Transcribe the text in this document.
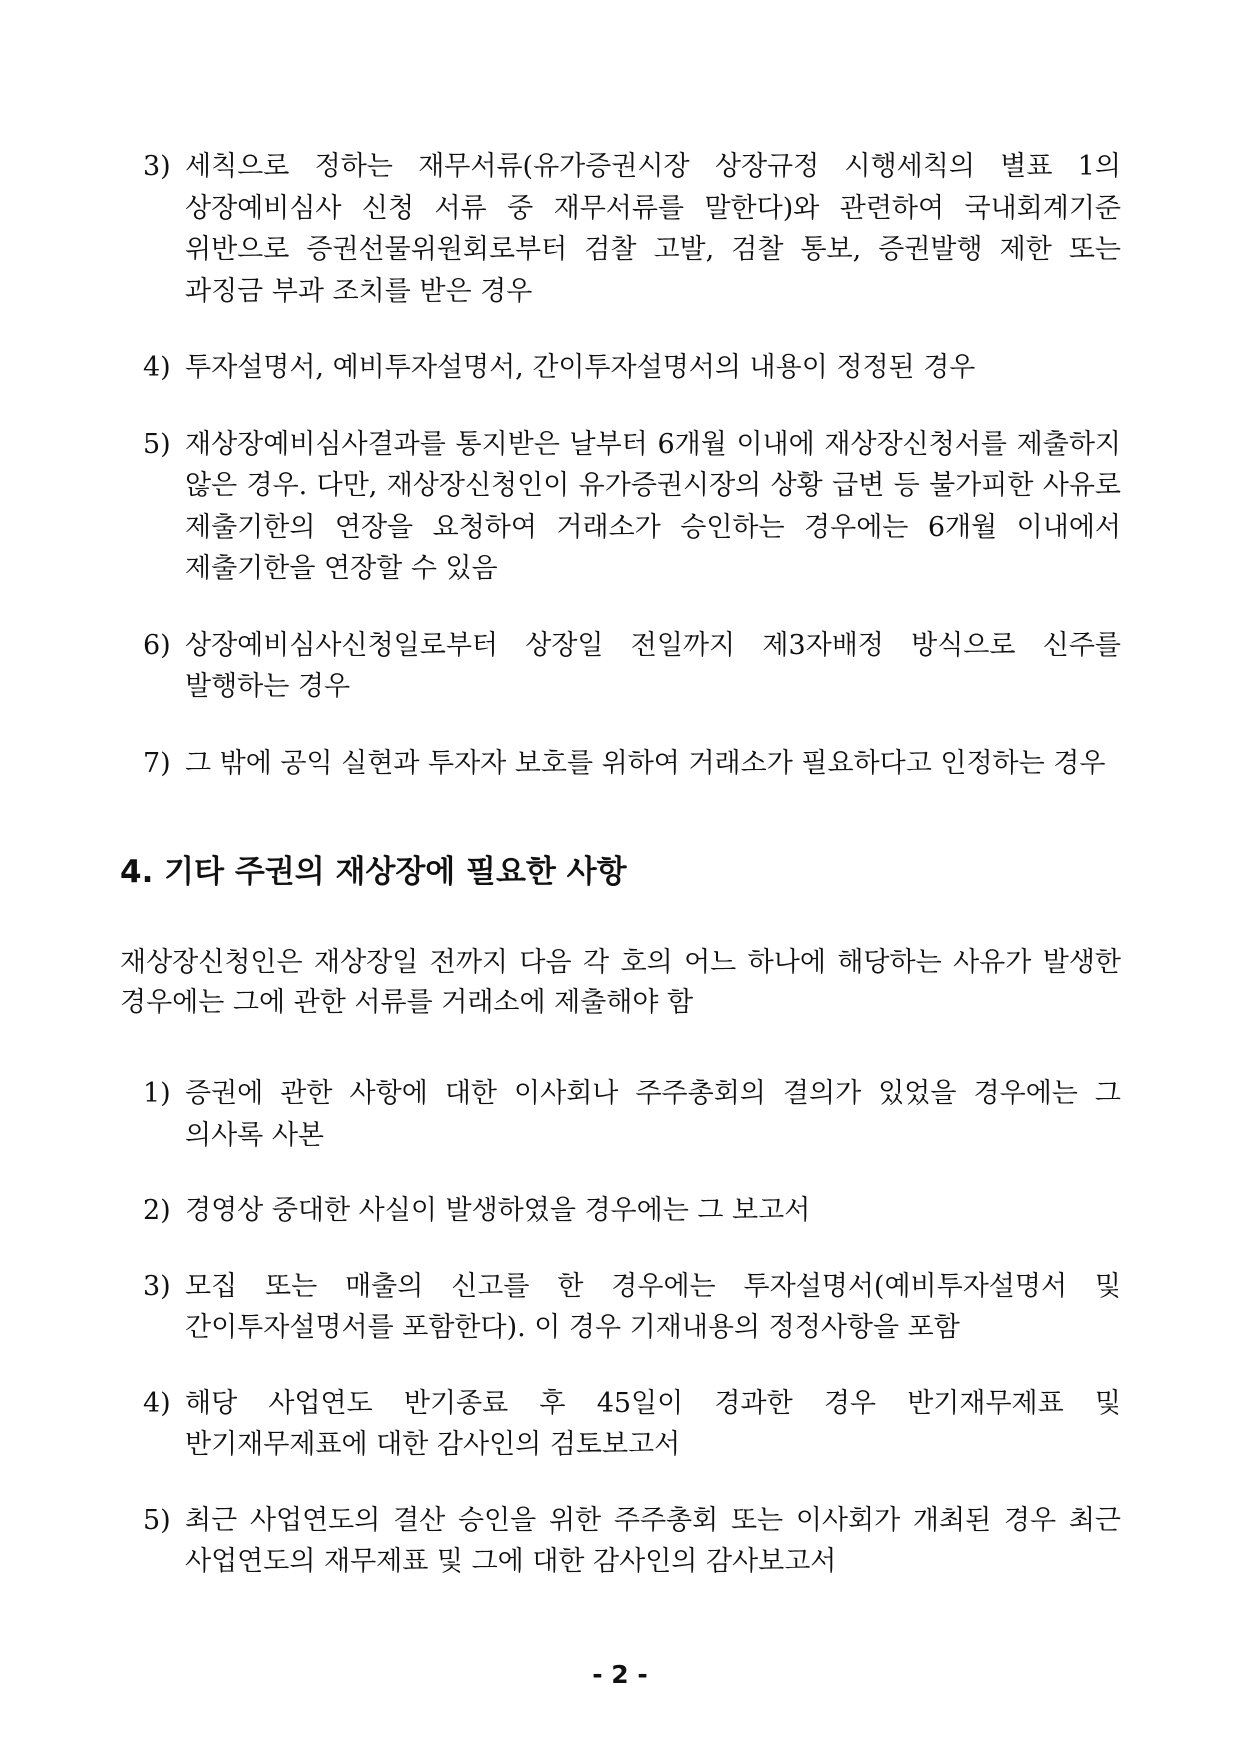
3) 세칙으로 정하는 재무서류(유가증권시장 상장규정 시행세칙의 별표 1의 상장예비심사 신청 서류 중 재무서류를 말한다)와 관련하여 국내회계기준 위반으로 증권선물위원회로부터 검찰 고발, 검찰 통보, 증권발행 제한 또는 과징금 부과 조치를 받은 경우
4) 투자설명서, 예비투자설명서, 간이투자설명서의 내용이 정정된 경우
5) 재상장예비심사결과를 통지받은 날부터 6개월 이내에 재상장신청서를 제출하지 않은 경우. 다만, 재상장신청인이 유가증권시장의 상황 급변 등 불가피한 사유로 제출기한의 연장을 요청하여 거래소가 승인하는 경우에는 6개월 이내에서 제출기한을 연장할 수 있음
6) 상장예비심사신청일로부터 상장일 전일까지 제3자배정 방식으로 신주를 발행하는 경우
7) 그 밖에 공익 실현과 투자자 보호를 위하여 거래소가 필요하다고 인정하는 경우
4. 기타 주권의 재상장에 필요한 사항

재상장신청인은 재상장일 전까지 다음 각 호의 어느 하나에 해당하는 사유가 발생한 경우에는 그에 관한 서류를 거래소에 제출해야 함

1) 증권에 관한 사항에 대한 이사회나 주주총회의 결의가 있었을 경우에는 그 의사록 사본
2) 경영상 중대한 사실이 발생하였을 경우에는 그 보고서
3) 모집 또는 매출의 신고를 한 경우에는 투자설명서(예비투자설명서 및 간이투자설명서를 포함한다). 이 경우 기재내용의 정정사항을 포함
4) 해당 사업연도 반기종료 후 45일이 경과한 경우 반기재무제표 및 반기재무제표에 대한 감사인의 검토보고서
5) 최근 사업연도의 결산 승인을 위한 주주총회 또는 이사회가 개최된 경우 최근 사업연도의 재무제표 및 그에 대한 감사인의 감사보고서
- 2 -
